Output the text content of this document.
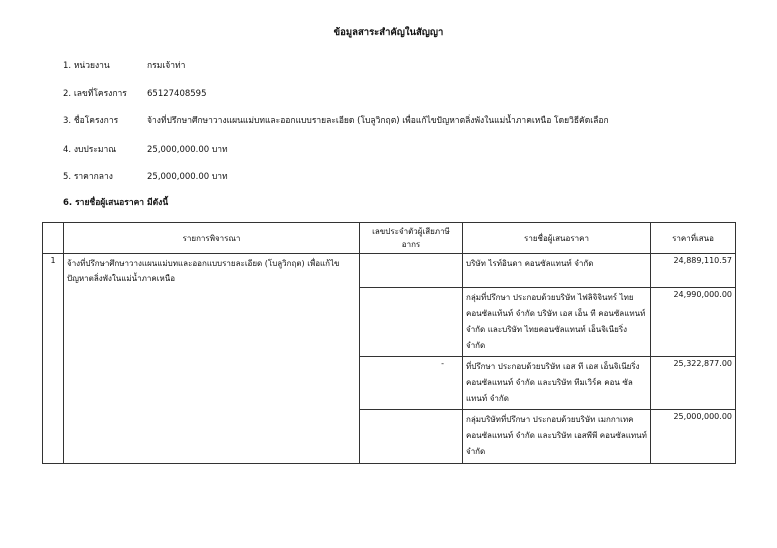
ข้อมูลสาระสำคัญในสัญญา
1. หน่วยงาน	กรมเจ้าท่า
2. เลขที่โครงการ 65127408595
3. ชื่อโครงการ	จ้างที่ปรึกษาศึกษาวางแผนแม่บทและออกแบบรายละเอียด (โบลูวิกฤต) เพื่อแก้ไขปัญหาตลิ่งพังในแม่น้ำภาคเหนือ โดยวิธีคัดเลือก
4. งบประมาณ	25,000,000.00 บาท
5. ราคากลาง	25,000,000.00 บาท
6. รายชื่อผู้เสนอราคา มีดังนี้
	รายการพิจารณา	เลขประจำตัวผู้เสียภาษีอากร	รายชื่อผู้เสนอราคา	ราคาที่เสนอ
1	จ้างที่ปรึกษาศึกษาวางแผนแม่บทและออกแบบรายละเอียด (โบลูวิกฤต) เพื่อแก้ไขปัญหาตลิ่งพังในแม่น้ำภาคเหนือ		บริษัท ไรท์อินดา คอนซัลแทนท์ จำกัด	24,889,110.57
			กลุ่มที่ปรึกษา ประกอบด้วยบริษัท ไฟลิจิจินทร์ ไทย คอนซัลแท้นท์ จำกัด บริษัท เอส เอ็น ที คอนซัลแทนท์ จำกัด และบริษัท ไทยคอนซัลแทนท์ เอ็นจิเนียริ่ง จำกัด	24,990,000.00
		-	ที่ปรึกษา ประกอบด้วยบริษัท เอส ที เอส เอ็นจิเนียริ่ง คอนซัลแทนท์ จำกัด และบริษัท ทีมเวิร์ค คอน ซัลแทนท์ จำกัด	25,322,877.00
			กลุ่มบริษัทที่ปรึกษา ประกอบด้วยบริษัท เมกกาเทค คอนซัลแทนท์ จำกัด และบริษัท เอสพีพี คอนซัลแทนท์ จำกัด	25,000,000.00
